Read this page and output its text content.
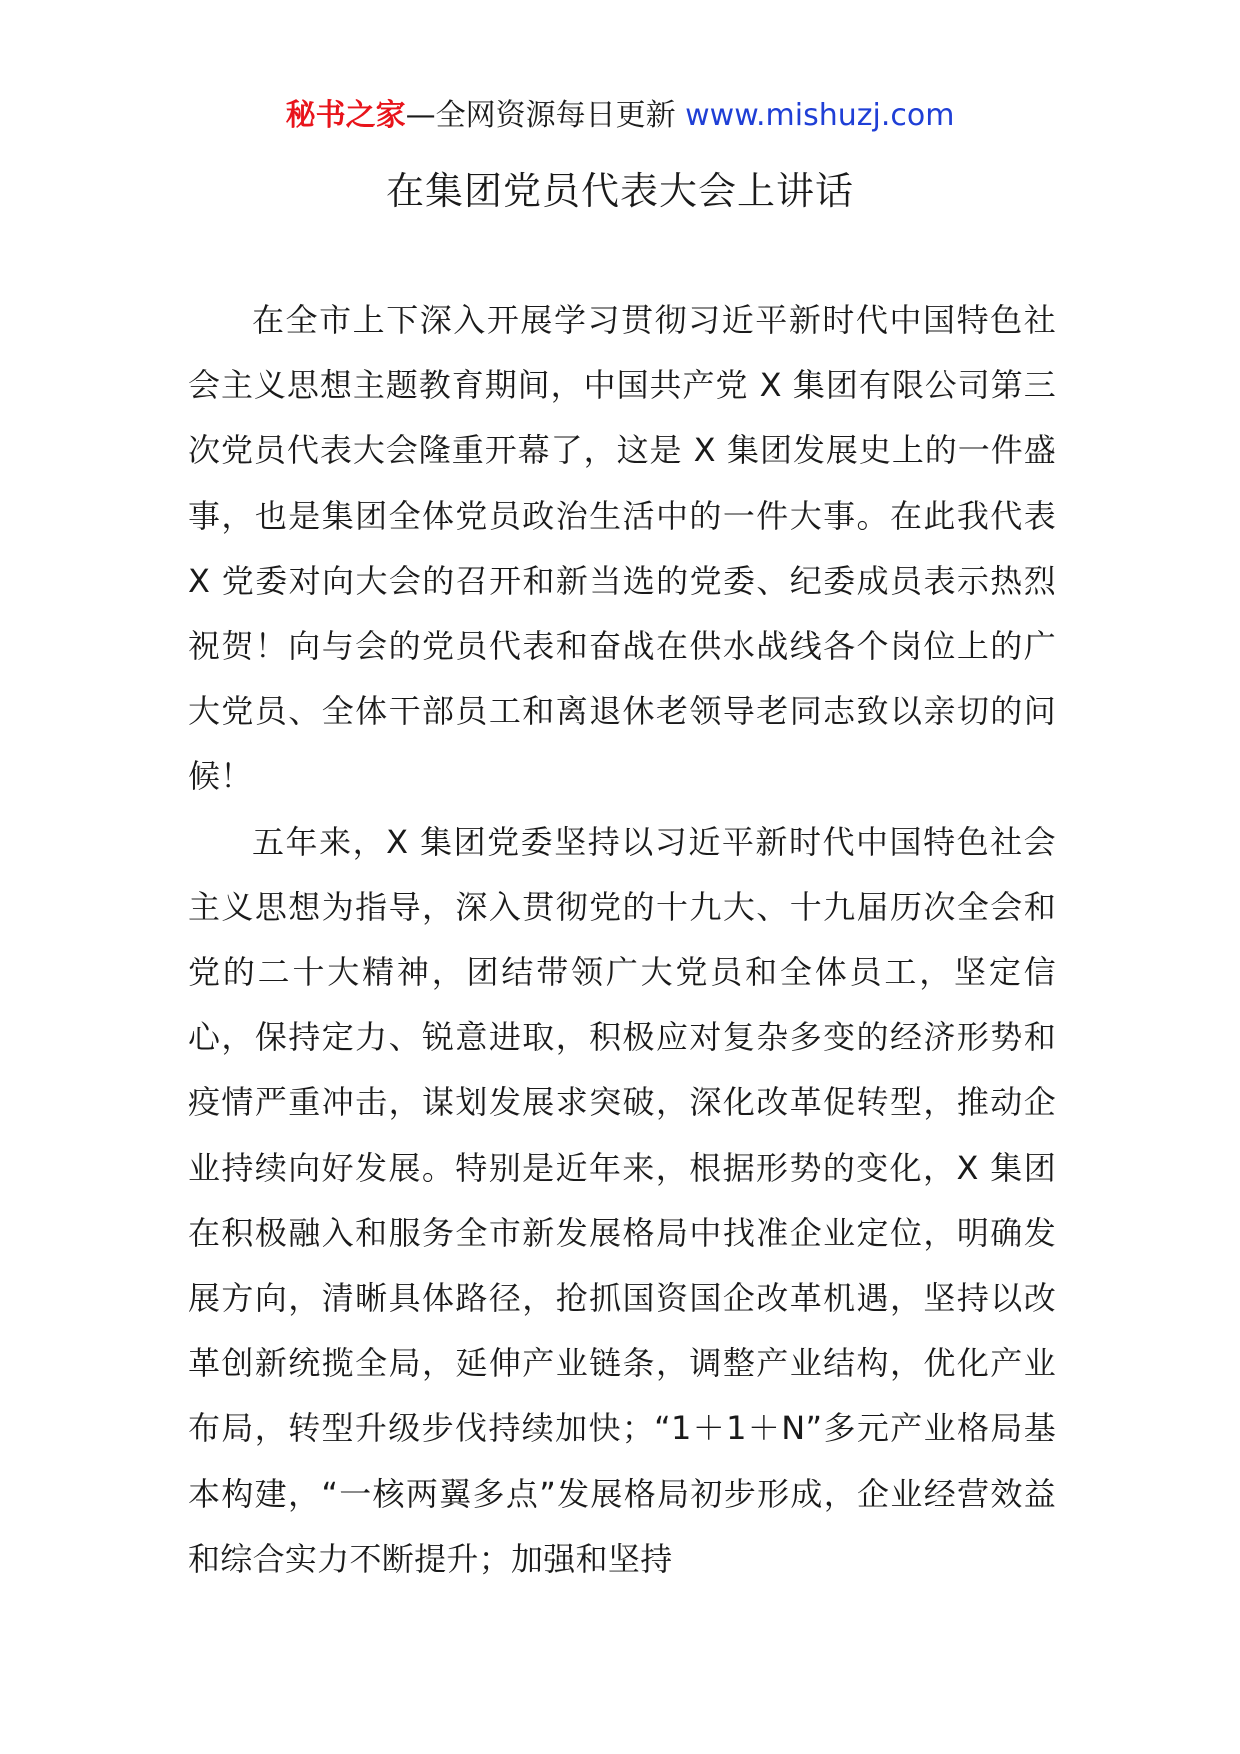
秘书之家—全网资源每日更新 www.mishuzj.com
在集团党员代表大会上讲话

在全市上下深入开展学习贯彻习近平新时代中国特色社会主义思想主题教育期间，中国共产党 X 集团有限公司第三次党员代表大会隆重开幕了，这是 X 集团发展史上的一件盛事，也是集团全体党员政治生活中的一件大事。在此我代表 X 党委对向大会的召开和新当选的党委、纪委成员表示热烈祝贺！向与会的党员代表和奋战在供水战线各个岗位上的广大党员、全体干部员工和离退休老领导老同志致以亲切的问候！

五年来，X 集团党委坚持以习近平新时代中国特色社会主义思想为指导，深入贯彻党的十九大、十九届历次全会和党的二十大精神，团结带领广大党员和全体员工，坚定信心，保持定力、锐意进取，积极应对复杂多变的经济形势和疫情严重冲击，谋划发展求突破，深化改革促转型，推动企业持续向好发展。特别是近年来，根据形势的变化，X 集团在积极融入和服务全市新发展格局中找准企业定位，明确发展方向，清晰具体路径，抢抓国资国企改革机遇，坚持以改革创新统揽全局，延伸产业链条，调整产业结构，优化产业布局，转型升级步伐持续加快；“1＋1＋N”多元产业格局基本构建，“一核两翼多点”发展格局初步形成，企业经营效益和综合实力不断提升；加强和坚持
